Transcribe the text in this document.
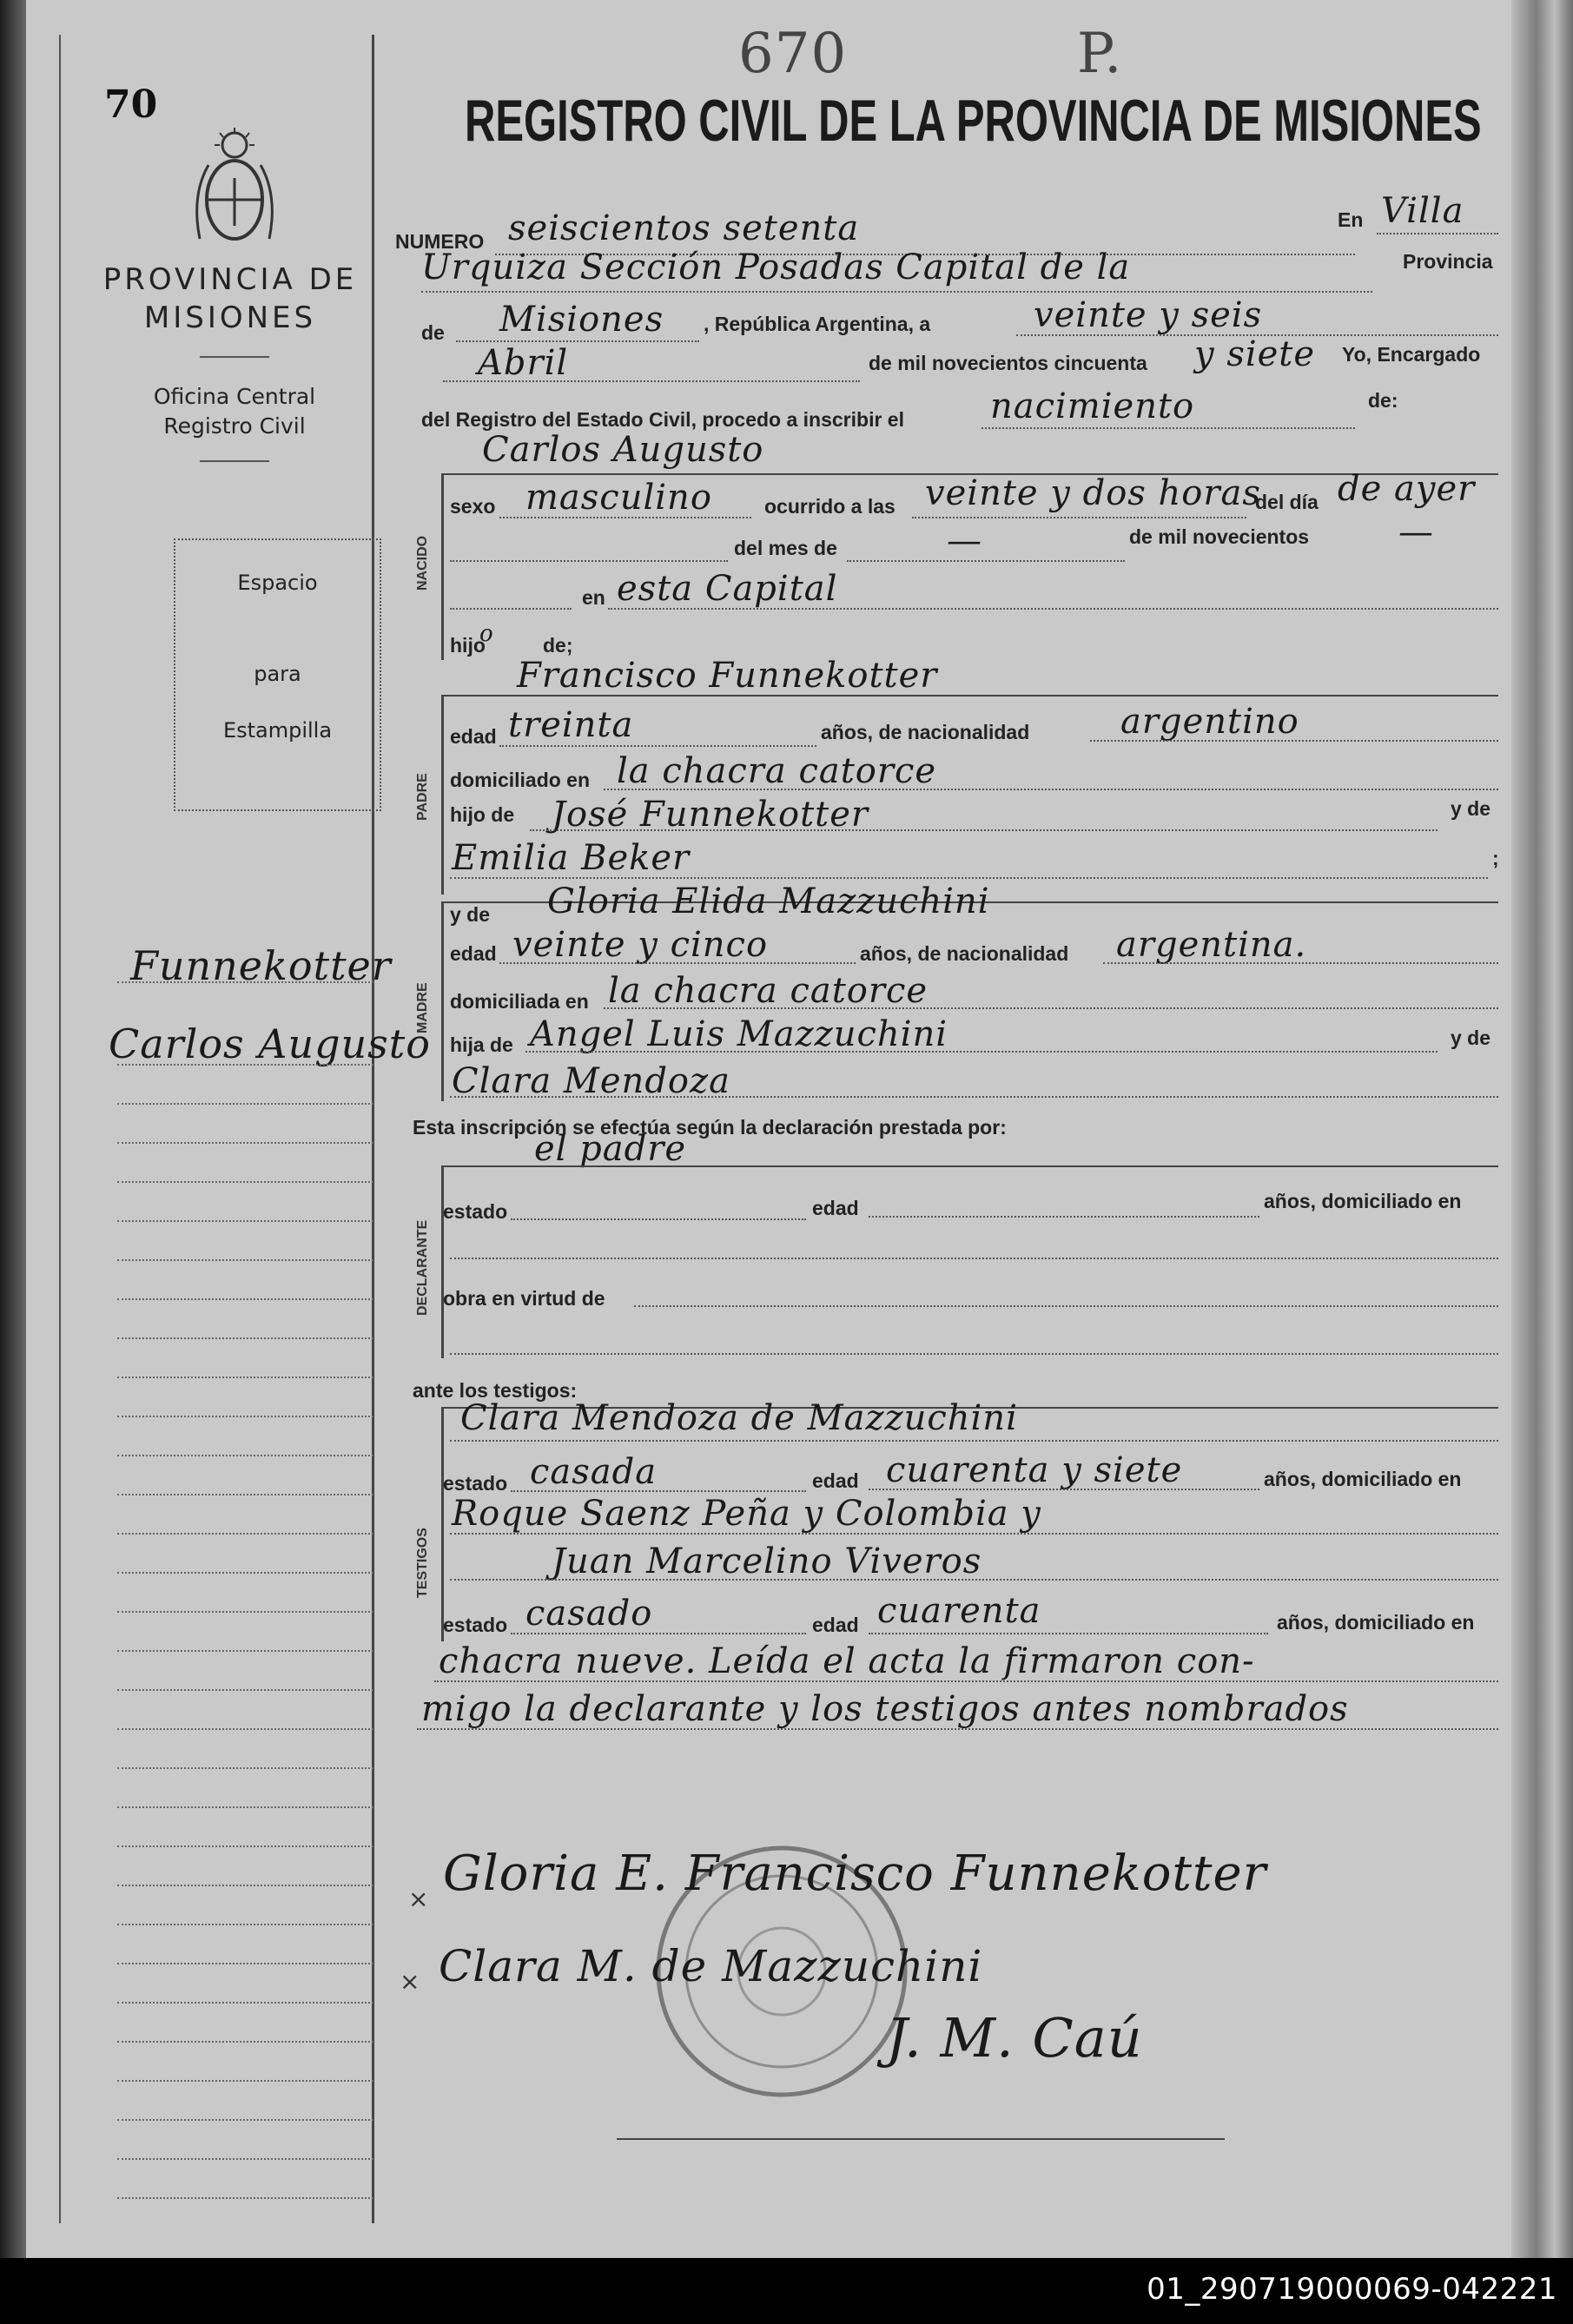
70
670	P.
PROVINCIA DE MISIONES
Oficina Central Registro Civil
Espacio
para
Estampilla
Funnekotter
Carlos Augusto
REGISTRO CIVIL DE LA PROVINCIA DE MISIONES
NUMERO seiscientos setenta	En Villa
Urquiza Sección Posadas Capital de la	Provincia
de Misiones , República Argentina, a	veinte y seis
Abril	de mil novecientos cincuenta y siete Yo, Encargado
del Registro del Estado Civil, procedo a inscribir el nacimiento	de:
Carlos Augusto
NACIDO
sexo masculino	ocurrido a las veinte y dos horas
del día de ayer
del mes de	—	de mil novecientos	—
en esta Capital
hijo
o de;
Francisco Funnekotter
PADRE
edad treinta	años, de nacionalidad	argentino
domiciliado en la chacra catorce
hijo de José Funnekotter	y de
Emilia Beker	;
MADRE
y de Gloria Elida Mazzuchini
edad veinte y cinco	años, de nacionalidad argentina.
domiciliada en la chacra catorce
hija de Angel Luis Mazzuchini	y de
Clara Mendoza
Esta inscripción se efectúa según la declaración prestada por:
el padre
DECLARANTE
estado	edad	años, domiciliado en
obra en virtud de
ante los testigos:
TESTIGOS
Clara Mendoza de Mazzuchini
estado casada	edad cuarenta y siete	años, domiciliado en
Roque Saenz Peña y Colombia y
Juan Marcelino Viveros
estado casado	edad cuarenta	años, domiciliado en
chacra nueve. Leída el acta la firmaron con-
migo la declarante y los testigos antes nombrados
× Gloria E. Francisco Funnekotter
× Clara M. de Mazzuchini
J. M. Caú
01_290719000069-042221
